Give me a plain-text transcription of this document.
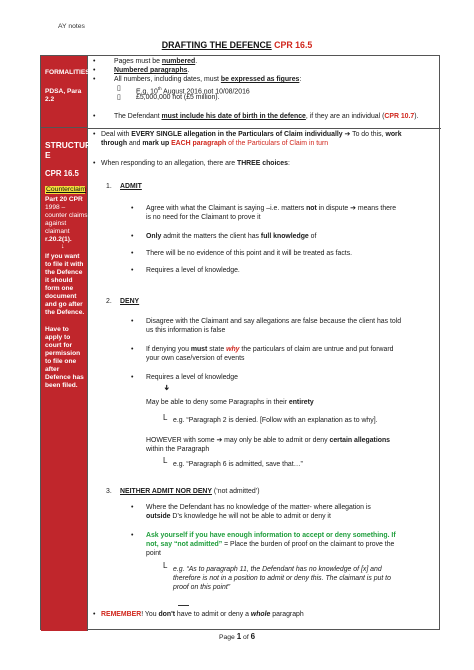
AY notes
DRAFTING THE DEFENCE CPR 16.5
FORMALITIES
PDSA, Para 2.2
STRUCTUR
E
CPR 16.5
Counterclaim
Part 20 CPR
1998 –
counter claims
against
claimant
r.20.2(1).
↓
If you want
to file it with
the Defence
it should
form one
document
and go after
the Defence.
Have to
apply to
court for
permission
to file one
after
Defence has
been filed.
•	Pages must be numbered.
•	Numbered paragraphs.
•	All numbers, including dates, must be expressed as figures:
▯ E.g. 10th August 2016 not 10/08/2016
▯ £5,000,000 not (£5 million).
•	The Defendant must include his date of birth in the defence, if they are an individual (CPR 10.7).
• Deal with EVERY SINGLE allegation in the Particulars of Claim individually ➔ To do this, work
through and mark up EACH paragraph of the Particulars of Claim in turn
• When responding to an allegation, there are THREE choices:
1. ADMIT
• Agree with what the Claimant is saying –i.e. matters not in dispute ➔ means there
is no need for the Claimant to prove it
• Only admit the matters the client has full knowledge of
• There will be no evidence of this point and it will be treated as facts.
• Requires a level of knowledge.
2. DENY
• Disagree with the Claimant and say allegations are false because the client has told
us this information is false
• If denying you must state why the particulars of claim are untrue and put forward
your own case/version of events
• Requires a level of knowledge
➔
May be able to deny some Paragraphs in their entirety
L e.g. “Paragraph 2 is denied. [Follow with an explanation as to why].
HOWEVER with some ➔ may only be able to admit or deny certain allegations
within the Paragraph
L e.g. “Paragraph 6 is admitted, save that…”
3. NEITHER ADMIT NOR DENY (‘not admitted’)
• Where the Defendant has no knowledge of the matter- where allegation is
outside D’s knowledge he will not be able to admit or deny it
• Ask yourself if you have enough information to accept or deny something. If
not, say “not admitted” = Place the burden of proof on the claimant to prove the
point
L e.g. “As to paragraph 11, the Defendant has no knowledge of [x] and
therefore is not in a position to admit or deny this. The claimant is put to
proof on this point”
• REMEMBER! You don't have to admit or deny a whole paragraph
Page 1 of 6
